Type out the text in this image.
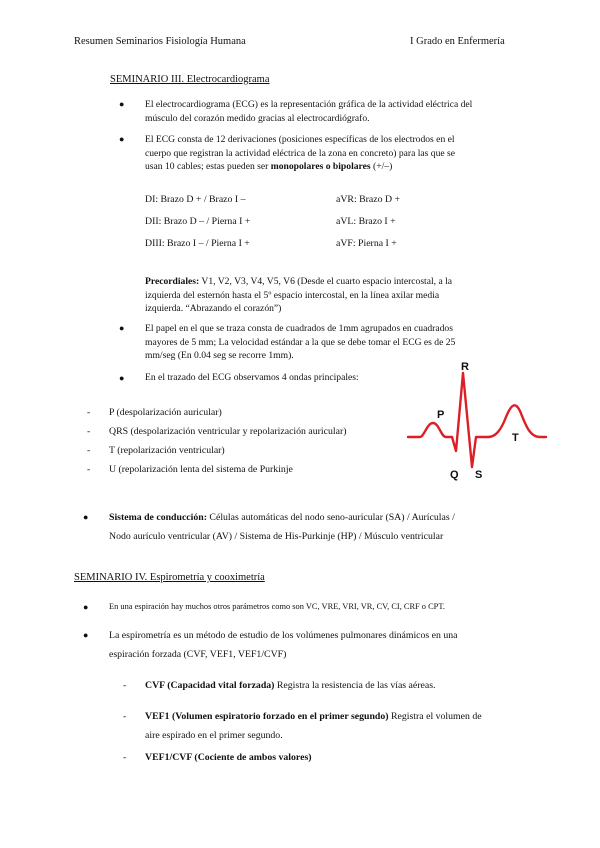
Resumen Seminarios Fisiología Humana	I Grado en Enfermería
SEMINARIO III. Electrocardiograma
● El electrocardiograma (ECG) es la representación gráfica de la actividad eléctrica del
músculo del corazón medido gracias al electrocardiógrafo.
● El ECG consta de 12 derivaciones (posiciones específicas de los electrodos en el
cuerpo que registran la actividad eléctrica de la zona en concreto) para las que se
usan 10 cables; estas pueden ser monopolares o bipolares (+/–)
DI: Brazo D + / Brazo I –	aVR: Brazo D +
DII: Brazo D – / Pierna I +	aVL: Brazo I +
DIII: Brazo I – / Pierna I +	aVF: Pierna I +
Precordiales: V1, V2, V3, V4, V5, V6 (Desde el cuarto espacio intercostal, a la
izquierda del esternón hasta el 5º espacio intercostal, en la línea axilar media
izquierda. “Abrazando el corazón”)
● El papel en el que se traza consta de cuadrados de 1mm agrupados en cuadrados
mayores de 5 mm; La velocidad estándar a la que se debe tomar el ECG es de 25
mm/seg (En 0.04 seg se recorre 1mm).
● En el trazado del ECG observamos 4 ondas principales:
- P (despolarización auricular)
- QRS (despolarización ventricular y repolarización auricular)
- T (repolarización ventricular)
- U (repolarización lenta del sistema de Purkinje
R
P
T
Q S
● Sistema de conducción: Células automáticas del nodo seno-auricular (SA) / Aurículas /
Nodo aurículo ventricular (AV) / Sistema de His-Purkinje (HP) / Músculo ventricular
SEMINARIO IV. Espirometría y cooximetría
● En una espiración hay muchos otros parámetros como son VC, VRE, VRI, VR, CV, CI, CRF o CPT.
● La espirometría es un método de estudio de los volúmenes pulmonares dinámicos en una
espiración forzada (CVF, VEF1, VEF1/CVF)
- CVF (Capacidad vital forzada) Registra la resistencia de las vías aéreas.
- VEF1 (Volumen espiratorio forzado en el primer segundo) Registra el volumen de
aire espirado en el primer segundo.
- VEF1/CVF (Cociente de ambos valores)
